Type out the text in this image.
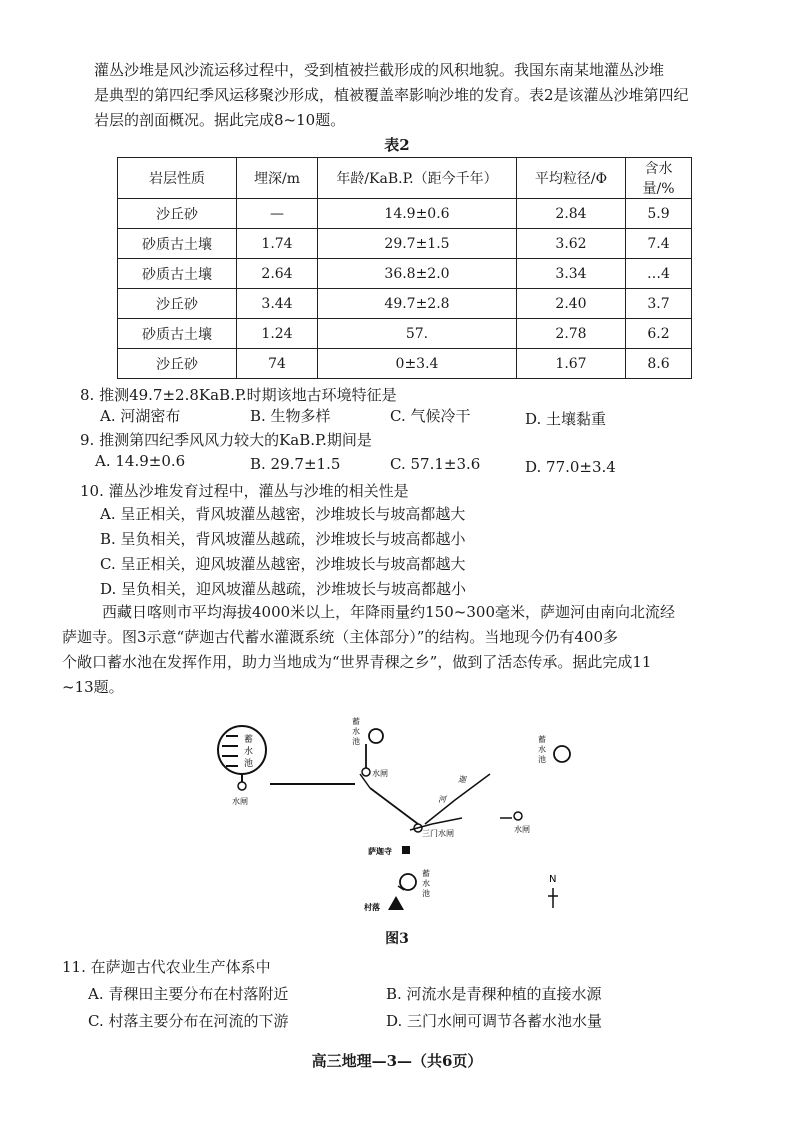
灌丛沙堆是风沙流运移过程中，受到植被拦截形成的风积地貌。我国东南某地灌丛沙堆
是典型的第四纪季风运移聚沙形成，植被覆盖率影响沙堆的发育。表2是该灌丛沙堆第四纪
岩层的剖面概况。据此完成8~10题。

表2
岩层性质	埋深/m	年龄/KaB.P.（距今千年）	平均粒径/Φ	含水量/%
沙丘砂	—	14.9±0.6	2.84	5.9
砂质古土壤	1.74	29.7±1.5	3.62	7.4
砂质古土壤	2.64	36.8±2.0	3.34	…4
沙丘砂	3.44	49.7±2.8	2.40	3.7
砂质古土壤	1.24	57.	2.78	6.2
沙丘砂	74	0±3.4	1.67	8.6
8. 推测49.7±2.8KaB.P.时期该地古环境特征是
A. 河湖密布	B. 生物多样	C. 气候冷干	D. 土壤黏重
9. 推测第四纪季风风力较大的KaB.P.期间是
A. 14.9±0.6	B. 29.7±1.5	C. 57.1±3.6	D. 77.0±3.4
10. 灌丛沙堆发育过程中，灌丛与沙堆的相关性是
A. 呈正相关，背风坡灌丛越密，沙堆坡长与坡高都越大
B. 呈负相关，背风坡灌丛越疏，沙堆坡长与坡高都越小
C. 呈正相关，迎风坡灌丛越密，沙堆坡长与坡高都越大
D. 呈负相关，迎风坡灌丛越疏，沙堆坡长与坡高都越小

西藏日喀则市平均海拔4000米以上，年降雨量约150~300毫米，萨迦河由南向北流经
萨迦寺。图3示意“萨迦古代蓄水灌溉系统（主体部分）”的结构。当地现今仍有400多
个敞口蓄水池在发挥作用，助力当地成为“世界青稞之乡”，做到了活态传承。据此完成11
~13题。

蓄
水
池
水闸
蓄
水
池
水闸
迦
河
三门水闸	水闸
蓄
水
池
萨迦寺
蓄
水
池
村落
N
图3
11. 在萨迦古代农业生产体系中
A. 青稞田主要分布在村落附近	B. 河流水是青稞种植的直接水源
C. 村落主要分布在河流的下游	D. 三门水闸可调节各蓄水池水量
高三地理—3—（共6页）
